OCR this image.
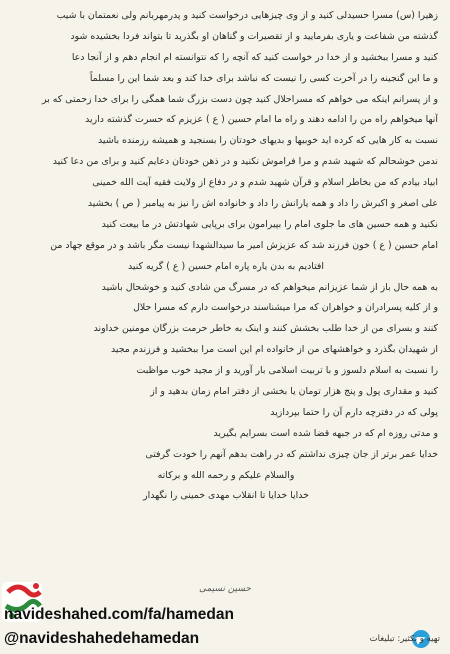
زهیرا (س) مسرا حسیدلی کنید و از وی چیزهایی درخواست کنید و پدرمهربانم ولی نعمتمان با شیب
گذشته من شفاعت و یاری بفرمایید و از تقصیرات و گناهان او بگذرید تا بتواند فردا بخشیده شود
کنید و مسرا ببخشید و از خدا در خواست کنید که آنچه را که نتوانسته ام انجام دهم و از آنجا دعا
و ما این گنجینه را در آخرت کسی را نیست که نباشد برای خدا کند و بعد شما این را مسلماً
و از پسرانم اینکه می خواهم که مسراحلال کنید چون دست بزرگ شما همگی را برای خدا زحمتی که بر
آنها میخواهم راه من را ادامه دهند و راه ما امام حسین ( ع ) عزیزم که حسرت گذشته دارید
نسبت به کار هایی که کرده اید خوبیها و بدیهای خودتان را بسنجید و همیشه رزمنده باشید
ندمن خوشحالم که شهید شدم و مرا فراموش نکنید و در ذهن خودتان دعایم کنید و برای من دعا کنید
ابیاد بیادم که من بخاطر اسلام و قرآن شهید شدم و در دفاع از ولایت فقیه آیت الله خمینی
علی اصغر و اکبرش را داد و همه یارانش را داد و خانواده اش را نیز به پیامبر ( ص ) بخشید
نکنید و همه حسین های ما جلوی امام را بپیرامون برای برپایی شهادتش در ما بیعت کنید
امام حسین ( ع ) خون فرزند شد که عزیزش امیر ما سیدالشهدا نیست مگر باشد و در موقع جهاد من
افتادیم به بدن یاره پاره امام حسین ( ع ) گریه کنید
به همه حال باز از شما عزیزانم میخواهم که در مسرگ من شادی کنید و خوشحال باشید
و از کلیه پسرادران و خواهران که مرا میشناسند درخواست دارم که مسرا حلال
کنند و بسرای من از خدا طلب بخشش کنند و اینک به خاطر حرمت بزرگان مومنین خداوند
از شهیدان بگذرد و خواهشهای من از خانواده ام این است مرا ببخشید و فرزندم مجید
را نسبت به اسلام دلسوز و با تربیت اسلامی بار آورید و از مجید خوب مواظبت
کنید و مقداری پول و پنج هزار تومان یا بخشی از دفتر امام زمان بدهید و از
پولی که در دفترچه دارم آن را حتما بپردازید
و مدتی روزه ام که در جبهه قضا شده است بسرایم بگیرید
خدایا عمر برتر از جان چیزی نداشتم که در راهت بدهم آنهم را خودت گرفتی
والسلام علیکم و رحمه الله و برکاته
خدایا خدایا تا انقلاب مهدی خمینی را نگهدار
حسین نسیمی
navideshahed.com/fa/hamedan
@navideshahedehamedan	تهیه و تکثیر: تبلیغات
